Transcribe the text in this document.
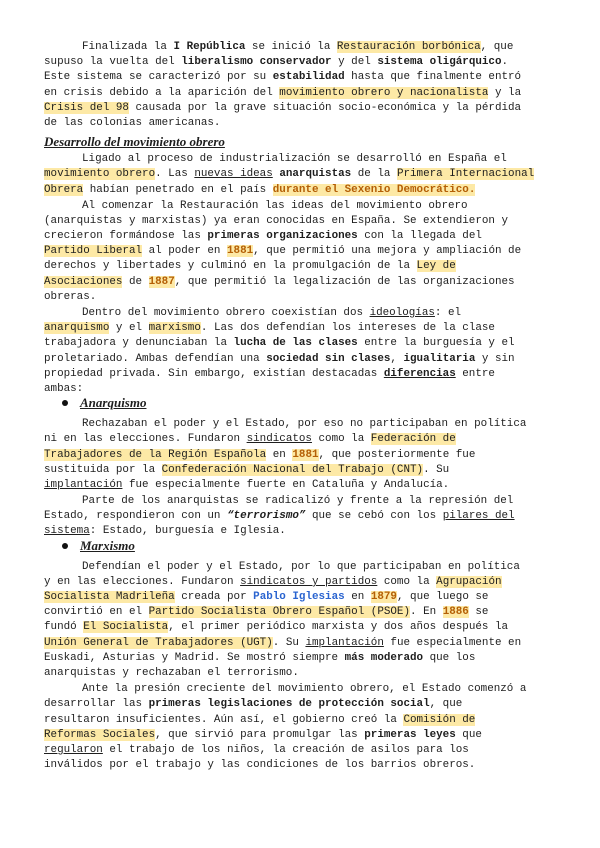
Finalizada la I República se inició la Restauración borbónica, que
supuso la vuelta del liberalismo conservador y del sistema oligárquico.
Este sistema se caracterizó por su estabilidad hasta que finalmente entró
en crisis debido a la aparición del movimiento obrero y nacionalista y la
Crisis del 98 causada por la grave situación socio-económica y la pérdida
de las colonias americanas.
Desarrollo del movimiento obrero
Ligado al proceso de industrialización se desarrolló en España el
movimiento obrero. Las nuevas ideas anarquistas de la Primera Internacional
Obrera habían penetrado en el país durante el Sexenio Democrático.
Al comenzar la Restauración las ideas del movimiento obrero
(anarquistas y marxistas) ya eran conocidas en España. Se extendieron y
crecieron formándose las primeras organizaciones con la llegada del
Partido Liberal al poder en 1881, que permitió una mejora y ampliación de
derechos y libertades y culminó en la promulgación de la Ley de
Asociaciones de 1887, que permitió la legalización de las organizaciones
obreras.
Dentro del movimiento obrero coexistían dos ideologías: el
anarquismo y el marxismo. Las dos defendían los intereses de la clase
trabajadora y denunciaban la lucha de las clases entre la burguesía y el
proletariado. Ambas defendían una sociedad sin clases, igualitaria y sin
propiedad privada. Sin embargo, existían destacadas diferencias entre
ambas:
Anarquismo
Rechazaban el poder y el Estado, por eso no participaban en política
ni en las elecciones. Fundaron sindicatos como la Federación de
Trabajadores de la Región Española en 1881, que posteriormente fue
sustituida por la Confederación Nacional del Trabajo (CNT). Su
implantación fue especialmente fuerte en Cataluña y Andalucía.
Parte de los anarquistas se radicalizó y frente a la represión del
Estado, respondieron con un “terrorismo” que se cebó con los pilares del
sistema: Estado, burguesía e Iglesia.
Marxismo
Defendían el poder y el Estado, por lo que participaban en política
y en las elecciones. Fundaron sindicatos y partidos como la Agrupación
Socialista Madrileña creada por Pablo Iglesias en 1879, que luego se
convirtió en el Partido Socialista Obrero Español (PSOE). En 1886 se
fundó El Socialista, el primer periódico marxista y dos años después la
Unión General de Trabajadores (UGT). Su implantación fue especialmente en
Euskadi, Asturias y Madrid. Se mostró siempre más moderado que los
anarquistas y rechazaban el terrorismo.
Ante la presión creciente del movimiento obrero, el Estado comenzó a
desarrollar las primeras legislaciones de protección social, que
resultaron insuficientes. Aún así, el gobierno creó la Comisión de
Reformas Sociales, que sirvió para promulgar las primeras leyes que
regularon el trabajo de los niños, la creación de asilos para los
inválidos por el trabajo y las condiciones de los barrios obreros.
